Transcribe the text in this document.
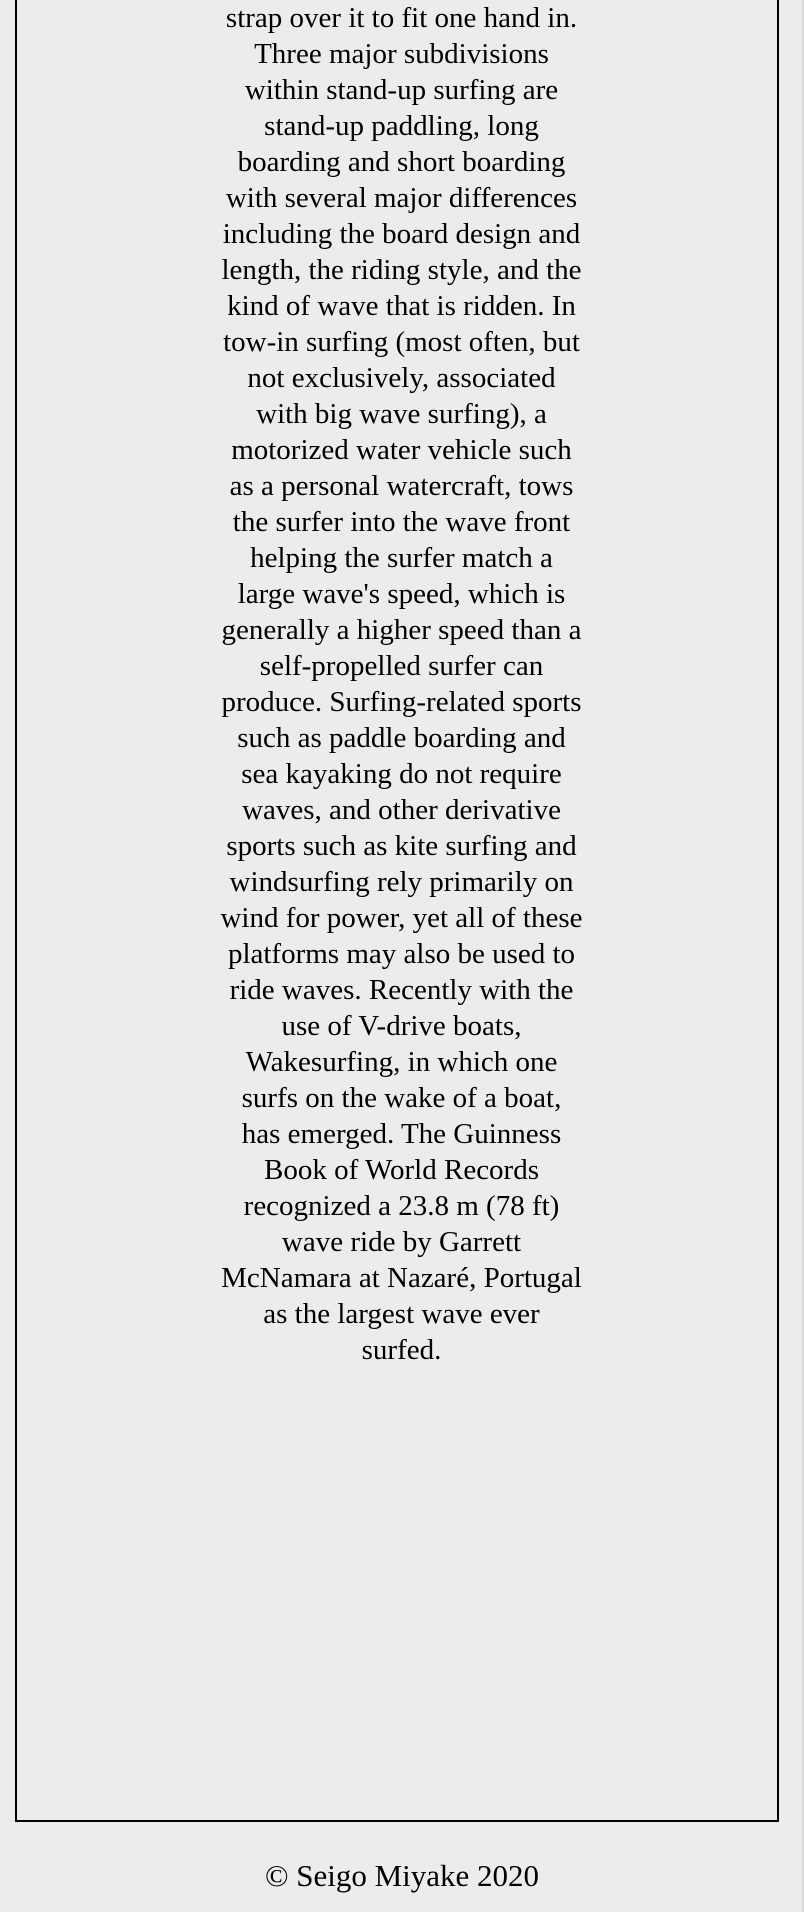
strap over it to fit one hand in. Three major subdivisions within stand-up surfing are stand-up paddling, long boarding and short boarding with several major differences including the board design and length, the riding style, and the kind of wave that is ridden. In tow-in surfing (most often, but not exclusively, associated with big wave surfing), a motorized water vehicle such as a personal watercraft, tows the surfer into the wave front helping the surfer match a large wave's speed, which is generally a higher speed than a self-propelled surfer can produce. Surfing-related sports such as paddle boarding and sea kayaking do not require waves, and other derivative sports such as kite surfing and windsurfing rely primarily on wind for power, yet all of these platforms may also be used to ride waves. Recently with the use of V-drive boats, Wakesurfing, in which one surfs on the wake of a boat, has emerged. The Guinness Book of World Records recognized a 23.8 m (78 ft) wave ride by Garrett McNamara at Nazaré, Portugal as the largest wave ever surfed.

© Seigo Miyake 2020
